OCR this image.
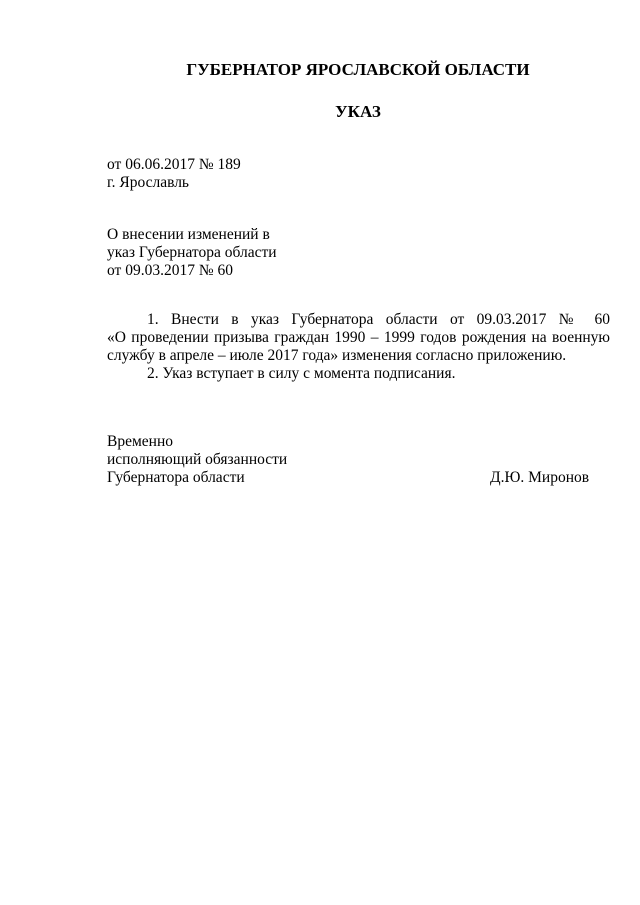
ГУБЕРНАТОР ЯРОСЛАВСКОЙ ОБЛАСТИ
УКАЗ
от 06.06.2017 № 189
г. Ярославль
О внесении изменений в
указ Губернатора области
от 09.03.2017 № 60
1. Внести в указ Губернатора области от 09.03.2017 № 60
«О проведении призыва граждан 1990 – 1999 годов рождения на военную службу в апреле – июле 2017 года» изменения согласно приложению.
2. Указ вступает в силу с момента подписания.
Временно
исполняющий обязанности
Губернатора области	Д.Ю. Миронов
